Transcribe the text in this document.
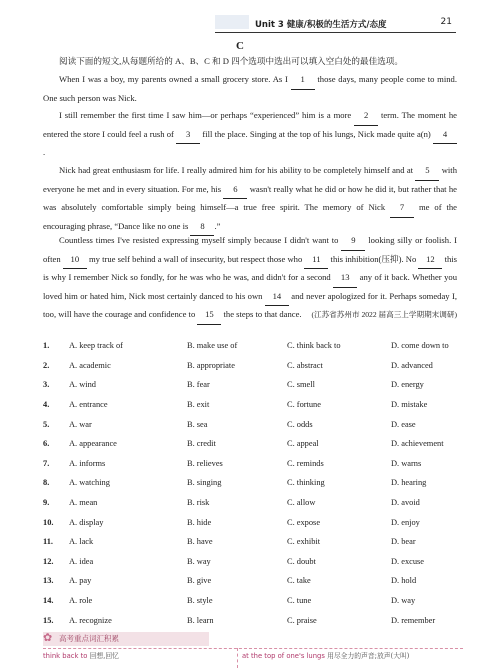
Unit 3 健康/积极的生活方式/态度	21
C
阅读下面的短文,从每题所给的 A、B、C 和 D 四个选项中选出可以填入空白处的最佳选项。
When I was a boy, my parents owned a small grocery store. As I 1 those days, many people come to mind. One such person was Nick.
I still remember the first time I saw him—or perhaps “experienced” him is a more 2 term. The moment he entered the store I could feel a rush of 3 fill the place. Singing at the top of his lungs, Nick made quite a(n) 4.
Nick had great enthusiasm for life. I really admired him for his ability to be completely himself and at 5 with everyone he met and in every situation. For me, his 6 wasn't really what he did or how he did it, but rather that he was absolutely comfortable simply being himself—a true free spirit. The memory of Nick 7 me of the encouraging phrase, “Dance like no one is 8 .”
Countless times I've resisted expressing myself simply because I didn't want to 9 looking silly or foolish. I often 10 my true self behind a wall of insecurity, but respect those who 11 this inhibition(压抑). No 12 this is why I remember Nick so fondly, for he was who he was, and didn't for a second 13 any of it back. Whether you loved him or hated him, Nick most certainly danced to his own 14 and never apologized for it. Perhaps someday I, too, will have the courage and confidence to 15 the steps to that dance. (江苏省苏州市 2022 届高三上学期期末调研)
1.	A. keep track of	B. make use of	C. think back to	D. come down to
2.	A. academic	B. appropriate	C. abstract	D. advanced
3.	A. wind	B. fear	C. smell	D. energy
4.	A. entrance	B. exit	C. fortune	D. mistake
5.	A. war	B. sea	C. odds	D. ease
6.	A. appearance	B. credit	C. appeal	D. achievement
7.	A. informs	B. relieves	C. reminds	D. warns
8.	A. watching	B. singing	C. thinking	D. hearing
9.	A. mean	B. risk	C. allow	D. avoid
10.	A. display	B. hide	C. expose	D. enjoy
11.	A. lack	B. have	C. exhibit	D. bear
12.	A. idea	B. way	C. doubt	D. excuse
13.	A. pay	B. give	C. take	D. hold
14.	A. role	B. style	C. tune	D. way
15.	A. recognize	B. learn	C. praise	D. remember
✿ 高考重点词汇积累
think back to 回想,回忆	at the top of one's lungs 用尽全力的声音;放声(大叫)
